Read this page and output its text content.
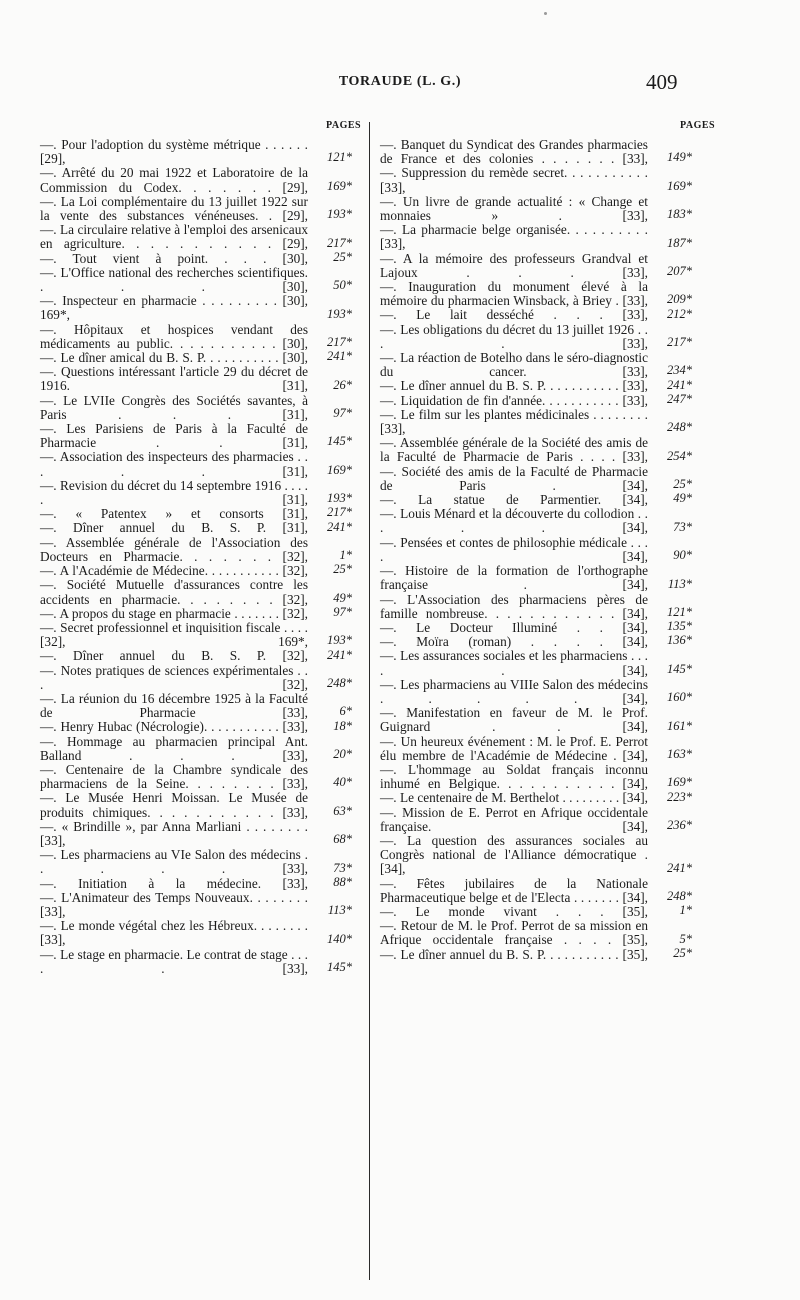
TORAUDE (L. G.)	409
PAGES	PAGES
—. Pour l'adoption du système métrique . . . . . . [29],	121*
—. Arrêté du 20 mai 1922 et Laboratoire de la Commission du Codex. . . . . . . [29], 169*
—. La Loi complémentaire du 13 juillet 1922 sur la vente des substances vénéneuses. . [29], 193*
—. La circulaire relative à l'emploi des arsenicaux en agriculture. . . . . . . . . . . [29], 217*
—. Tout vient à point. . . . [30], 25*
—. L'Office national des recherches scientifiques. . . . [30], 50*
—. Inspecteur en pharmacie . . . . . . . . . [30], 169*,	193*
—. Hôpitaux et hospices vendant des médicaments au public. . . . . . . . . . . [30], 217*
—. Le dîner amical du B. S. P. . . . . . . . . . . [30], 241*
—. Questions intéressant l'article 29 du décret de 1916. [31], 26*
—. Le LVIIe Congrès des Sociétés savantes, à Paris . . . [31], 97*
—. Les Parisiens de Paris à la Faculté de Pharmacie . . [31], 145*
—. Association des inspecteurs des pharmacies . . . . . [31], 169*
—. Revision du décret du 14 septembre 1916 . . . . . [31], 193*
—. « Patentex » et consorts [31], 217*
—. Dîner annuel du B. S. P. [31], 241*
—. Assemblée générale de l'Association des Docteurs en Pharmacie. . . . . . . [32],	1*
—. A l'Académie de Médecine. . . . . . . . . . . [32], 25*
—. Société Mutuelle d'assurances contre les accidents en pharmacie. . . . . . . . [32], 49*
—. A propos du stage en pharmacie . . . . . . . [32], 97*
—. Secret professionnel et inquisition fiscale . . . . [32], 169*, 193*
—. Dîner annuel du B. S. P. [32], 241*
—. Notes pratiques de sciences expérimentales . . . [32], 248*
—. La réunion du 16 décembre 1925 à la Faculté de Pharmacie [33],	6*
—. Henry Hubac (Nécrologie). . . . . . . . . . . [33], 18*
—. Hommage au pharmacien principal Ant. Balland . . . [33], 20*
—. Centenaire de la Chambre syndicale des pharmaciens de la Seine. . . . . . . . [33], 40*
—. Le Musée Henri Moissan. Le Musée de produits chimiques. . . . . . . . . . . [33], 63*
—. « Brindille », par Anna Marliani . . . . . . . . [33],	68*
—. Les pharmaciens au VIe Salon des médecins . . . . . [33], 73*
—. Initiation à la médecine. [33], 88*
—. L'Animateur des Temps Nouveaux. . . . . . . . [33],	113*
—. Le monde végétal chez les Hébreux. . . . . . . . [33],	140*
—. Le stage en pharmacie. Le contrat de stage . . . . . [33], 145*
—. Banquet du Syndicat des Grandes pharmacies de France et des colonies . . . . . . . [33], 149*
—. Suppression du remède secret. . . . . . . . . . . [33],	169*
—. Un livre de grande actualité : « Change et monnaies » . [33], 183*
—. La pharmacie belge organisée. . . . . . . . . . [33],	187*
—. A la mémoire des professeurs Grandval et Lajoux . . . [33], 207*
—. Inauguration du monument élevé à la mémoire du pharmacien Winsback, à Briey . [33], 209*
—. Le lait desséché . . . [33], 212*
—. Les obligations du décret du 13 juillet 1926 . . . . [33], 217*
—. La réaction de Botelho dans le séro-diagnostic du cancer. [33], 234*
—. Le dîner annuel du B. S. P. . . . . . . . . . . [33], 241*
—. Liquidation de fin d'année. . . . . . . . . . . [33], 247*
—. Le film sur les plantes médicinales . . . . . . . . [33],	248*
—. Assemblée générale de la Société des amis de la Faculté de Pharmacie de Paris . . . . [33], 254*
—. Société des amis de la Faculté de Pharmacie de Paris . [34], 25*
—. La statue de Parmentier. [34], 49*
—. Louis Ménard et la découverte du collodion . . . . . [34], 73*
—. Pensées et contes de philosophie médicale . . . . [34], 90*
—. Histoire de la formation de l'orthographe française . [34], 113*
—. L'Association des pharmaciens pères de famille nombreuse. . . . . . . . . . . . [34], 121*
—. Le Docteur Illuminé . . [34], 135*
—. Moïra (roman) . . . . [34], 136*
—. Les assurances sociales et les pharmaciens . . . . . [34], 145*
—. Les pharmaciens au VIIIe Salon des médecins . . . . . [34], 160*
—. Manifestation en faveur de M. le Prof. Guignard . . [34], 161*
—. Un heureux événement : M. le Prof. E. Perrot élu membre de l'Académie de Médecine . [34], 163*
—. L'hommage au Soldat français inconnu inhumé en Belgique. . . . . . . . . . . [34], 169*
—. Le centenaire de M. Berthelot . . . . . . . . . [34], 223*
—. Mission de E. Perrot en Afrique occidentale française. [34], 236*
—. La question des assurances sociales au Congrès national de l'Alliance démocratique . [34],	241*
—. Fêtes jubilaires de la Nationale Pharmaceutique belge et de l'Electa . . . . . . . [34], 248*
—. Le monde vivant . . . [35],	1*
—. Retour de M. le Prof. Perrot de sa mission en Afrique occidentale française . . . . [35],	5*
—. Le dîner annuel du B. S. P. . . . . . . . . . . [35], 25*
